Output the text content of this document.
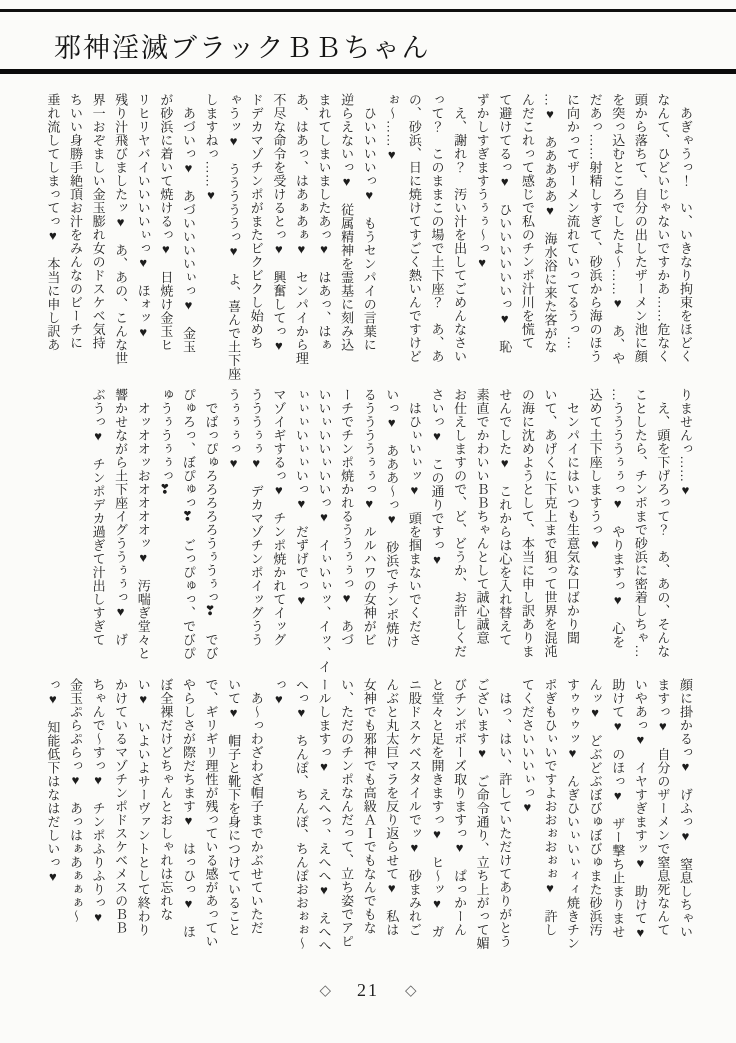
邪神淫滅ブラックＢＢちゃん
　あぎゃうっ！　い、いきなり拘束をほどく
なんて、ひどいじゃないですかあ……危なく
頭から落ちて、自分の出したザーメン池に顔
を突っ込むところでしたよ〜……♥　あ、や
だあっ……射精しすぎて、砂浜から海のほう
に向かってザーメン流れていってるうっ…
…♥　あああああ♥　海水浴に来た客がな
んだこれって感じで私のチンポ汁川を慌て
て避けてるっ♥　ひいいいいいいっ♥　恥
ずかしすぎますうぅぅ〜っ♥
　え、謝れ？　汚い汁を出してごめんなさい
って？　このままこの場で土下座？　あ、あ
の、砂浜、日に焼けてすごく熱いんですけど
ぉ〜……♥
　ひいいいいっ♥　もうセンパイの言葉に
逆らえないっ♥　従属精神を霊基に刻み込
まれてしまいましたあっ♥　はあっ、はぁ
あ、はあっ、はあぁあぁ♥　センパイから理
不尽な命令を受けるとっ♥　興奮してっ♥
ドデカマゾチンポがまたビクビクし始めち
ゃうッ♥　うううううっ♥　よ、喜んで土下座
しますねっ……♥
　あづいっ♥　あづいいいいぃっ♥　金玉
が砂浜に着いて焼けるっ♥　日焼け金玉ヒ
リヒリヤバイいいいいぃっ♥　ほォッ♥
残り汁飛びましたッ♥　あ、あの、こんな世
界一おぞましい金玉膨れ女のドスケベ気持
ちいい身勝手絶頂お汁をみんなのビーチに
垂れ流してしまってっ♥　本当に申し訳あ
りませんっ……♥
　え、頭を下げろって？　あ、あの、そんな
ことしたら、チンポまで砂浜に密着しちゃ…
…ううううぅぅっ♥　やりますっ♥　心を
込めて土下座しますうっ♥
　センパイにはいつも生意気な口ばかり聞
いて、あげくに下克上まで狙って世界を混沌
の海に沈めようとして、本当に申し訳ありま
せんでした♥　これからは心を入れ替えて
素直でかわいいＢＢちゃんとして誠心誠意
お仕えしますので、ど、どうか、お許しくだ
さいっ♥　この通りですっ♥
　はひぃいぃッ♥　頭を掴まないでくださ
いっ♥　あああ〜っ♥　砂浜でチンポ焼け
るううううぅぅっ♥　ルルハワの女神がビ
ーチでチンポ焼かれるううぅぅっ♥　あづ
いいぃいいぃいいっ♥　イぃいぃッ、イッ、イ
ぃぃぃいぃぃいっ♥　だずげでっ♥
マゾイギするっ♥　チンポ焼かれてイッグ
うううぅぅ♥　デカマゾチンポイッグうう
うぅぅぅっ♥
　でばっぴゅろろろろろうぅうぅっ❣　でび
ぴゅろっ、ぼぴゅっ❣　ごっぴゅっ、でびぴ
ゅうぅうぅぅっ❣
　オッオオッおオオオオッ♥　汚喘ぎ堂々と
響かせながら土下座イグううぅぅっ♥　げ
ぶうっ♥　チンポデカ過ぎて汁出しすぎて
顔に掛かるっ♥　げふっ♥　窒息しちゃい
ますっ♥　自分のザーメンで窒息死なんて
いやあっ♥　イヤすぎますッ♥　助けて♥
助けて♥　のほっ♥　ザー撃ち止まりませ
んッ♥　どぶどぶぼびゅぼびゅまた砂浜汚
すゥゥゥッ♥　んぎひいぃいぃィィ焼きチン
ポぎもひぃいですよおおぉおぉぉ♥　許し
てくださいいいぃっ♥
　はっ、はい、許していただけてありがとう
ございます♥　ご命令通り、立ち上がって媚
びチンポポーズ取りますっ♥　ぱっかーん
と堂々と足を開きますっ♥　ヒ〜ッ♥　ガ
ニ股ドスケベスタイルでッ♥　砂まみれご
んぶと丸太巨マラを反り返らせて♥　私は
女神でも邪神でも高級ＡＩでもなんでもな
い、ただのチンポなんだって、立ち姿でアピ
ールしますっ♥　えへっ、えへへ♥　えへへ
へっ♥　ちんぽ、ちんぽ、ちんぽおおぉぉ〜
っ♥
　あ〜っわざわざ帽子までかぶせていただ
いて♥　帽子と靴下を身につけていること
で、ギリギリ理性が残っている感があってい
やらしさが際だちます♥　はっひっ♥　ほ
ぼ全裸だけどちゃんとおしゃれは忘れな
い♥　いよいよサーヴァントとして終わり
かけているマゾチンポドスケベメスのＢＢ
ちゃんで〜すっ♥　チンポふりふりっ♥
金玉ぷらぷらっ♥　あっはぁあぁぁぁ〜
っ♥　知能低下はなはだしいっ♥
◇ 21 ◇
